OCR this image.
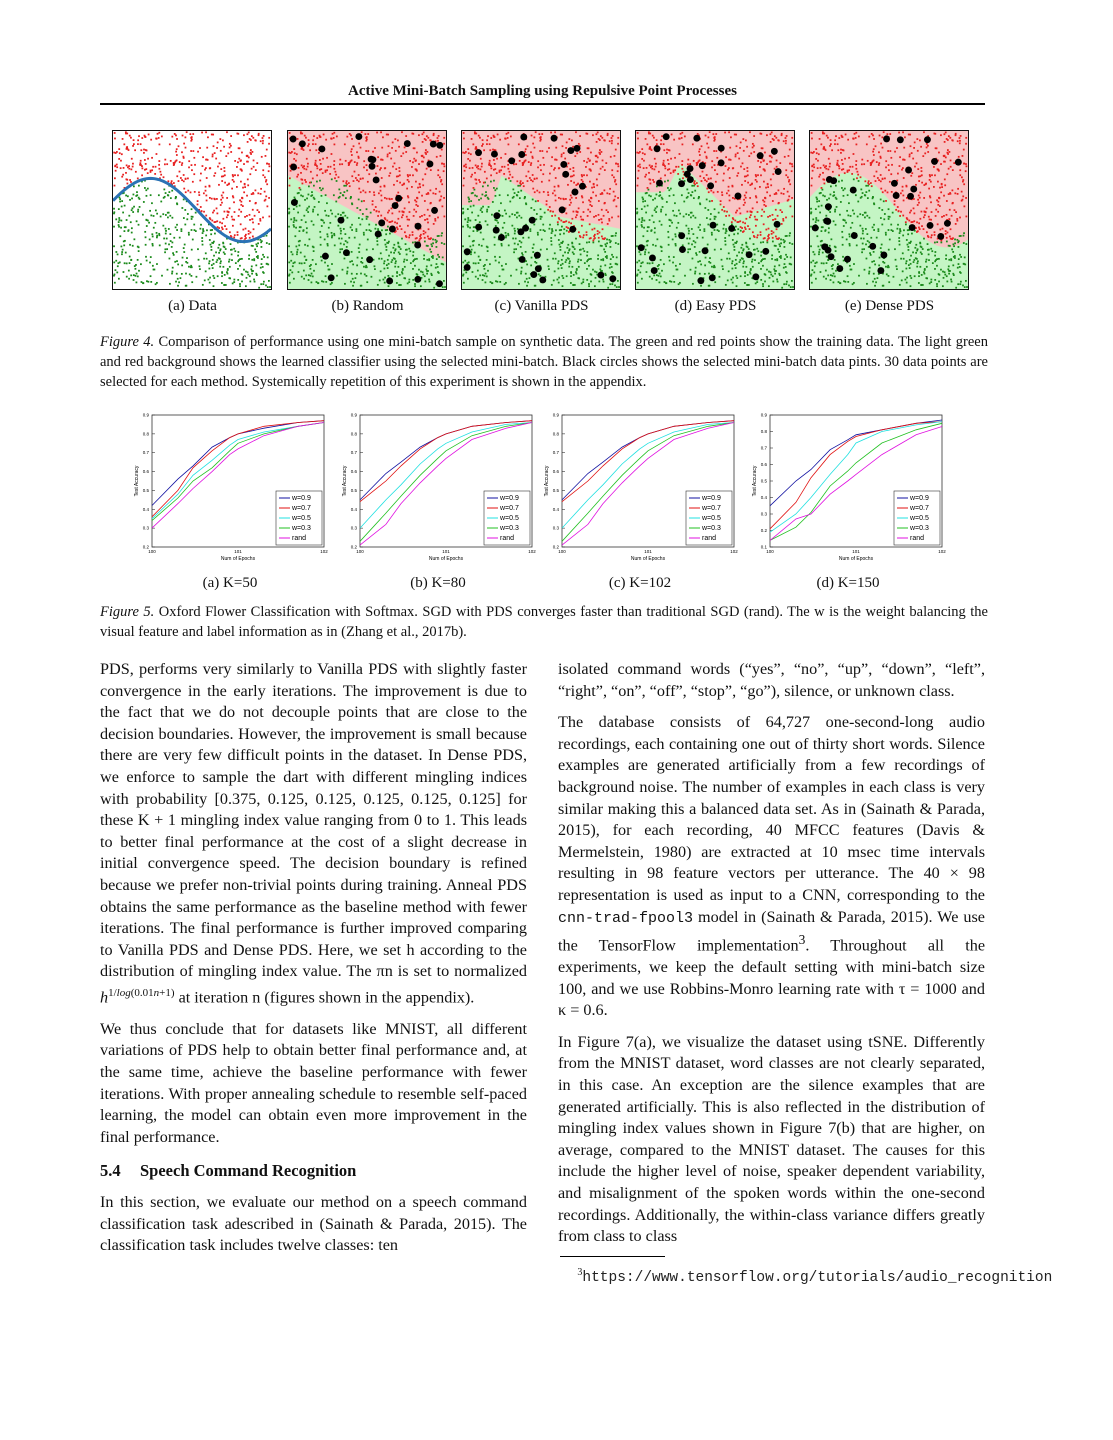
Active Mini-Batch Sampling using Repulsive Point Processes
(a) Data	(b) Random	(c) Vanilla PDS	(d) Easy PDS	(e) Dense PDS
Figure 4. Comparison of performance using one mini-batch sample on synthetic data. The green and red points show the training data. The light green and red background shows the learned classifier using the selected mini-batch. Black circles shows the selected mini-batch data pints. 30 data points are selected for each method. Systemically repetition of this experiment is shown in the appendix.
0.2
0.3
0.4
0.5
0.6
0.7
0.8
0.9
100	101	102
Num of Epochs
Test Accuracy
w=0.9
w=0.7
w=0.5
w=0.3
rand
0.2
0.3
0.4
0.5
0.6
0.7
0.8
0.9
100	101	102
Num of Epochs
Test Accuracy
w=0.9
w=0.7
w=0.5
w=0.3
rand
0.2
0.3
0.4
0.5
0.6
0.7
0.8
0.9
100	101	102
Num of Epochs
Test Accuracy
w=0.9
w=0.7
w=0.5
w=0.3
rand
0.1
0.2
0.3
0.4
0.5
0.6
0.7
0.8
0.9
100	101	102
Num of Epochs
Test Accuracy
w=0.9
w=0.7
w=0.5
w=0.3
rand
(a) K=50	(b) K=80	(c) K=102	(d) K=150
Figure 5. Oxford Flower Classification with Softmax. SGD with PDS converges faster than traditional SGD (rand). The w is the weight balancing the visual feature and label information as in (Zhang et al., 2017b).

PDS, performs very similarly to Vanilla PDS with slightly faster convergence in the early iterations. The improvement is due to the fact that we do not decouple points that are close to the decision boundaries. However, the improvement is small because there are very few difficult points in the dataset. In Dense PDS, we enforce to sample the dart with different mingling indices with probability [0.375, 0.125, 0.125, 0.125, 0.125, 0.125] for these K + 1 mingling index value ranging from 0 to 1. This leads to better final performance at the cost of a slight decrease in initial convergence speed. The decision boundary is refined because we prefer non-trivial points during training. Anneal PDS obtains the same performance as the baseline method with fewer iterations. The final performance is further improved comparing to Vanilla PDS and Dense PDS. Here, we set h according to the distribution of mingling index value. The πn is set to normalized $h^{1/log(0.01n+1)}$ at iteration n (figures shown in the appendix).

We thus conclude that for datasets like MNIST, all different variations of PDS help to obtain better final performance and, at the same time, achieve the baseline performance with fewer iterations. With proper annealing schedule to resemble self-paced learning, the model can obtain even more improvement in the final performance.

5.4 Speech Command Recognition

In this section, we evaluate our method on a speech command classification task adescribed in (Sainath & Parada, 2015). The classification task includes twelve classes: ten

isolated command words (“yes”, “no”, “up”, “down”, “left”, “right”, “on”, “off”, “stop”, “go”), silence, or unknown class.

The database consists of 64,727 one-second-long audio recordings, each containing one out of thirty short words. Silence examples are generated artificially from a few recordings of background noise. The number of examples in each class is very similar making this a balanced data set. As in (Sainath & Parada, 2015), for each recording, 40 MFCC features (Davis & Mermelstein, 1980) are extracted at 10 msec time intervals resulting in 98 feature vectors per utterance. The 40 × 98 representation is used as input to a CNN, corresponding to the cnn-trad-fpool3 model in (Sainath & Parada, 2015). We use the TensorFlow implementation$^3$. Throughout all the experiments, we keep the default setting with mini-batch size 100, and we use Robbins-Monro learning rate with τ = 1000 and κ = 0.6.

In Figure 7(a), we visualize the dataset using tSNE. Differently from the MNIST dataset, word classes are not clearly separated, in this case. An exception are the silence examples that are generated artificially. This is also reflected in the distribution of mingling index values shown in Figure 7(b) that are higher, on average, compared to the MNIST dataset. The causes for this include the higher level of noise, speaker dependent variability, and misalignment of the spoken words within the one-second recordings. Additionally, the within-class variance differs greatly from class to class

$^3$https://www.tensorflow.org/tutorials/audio_recognition
